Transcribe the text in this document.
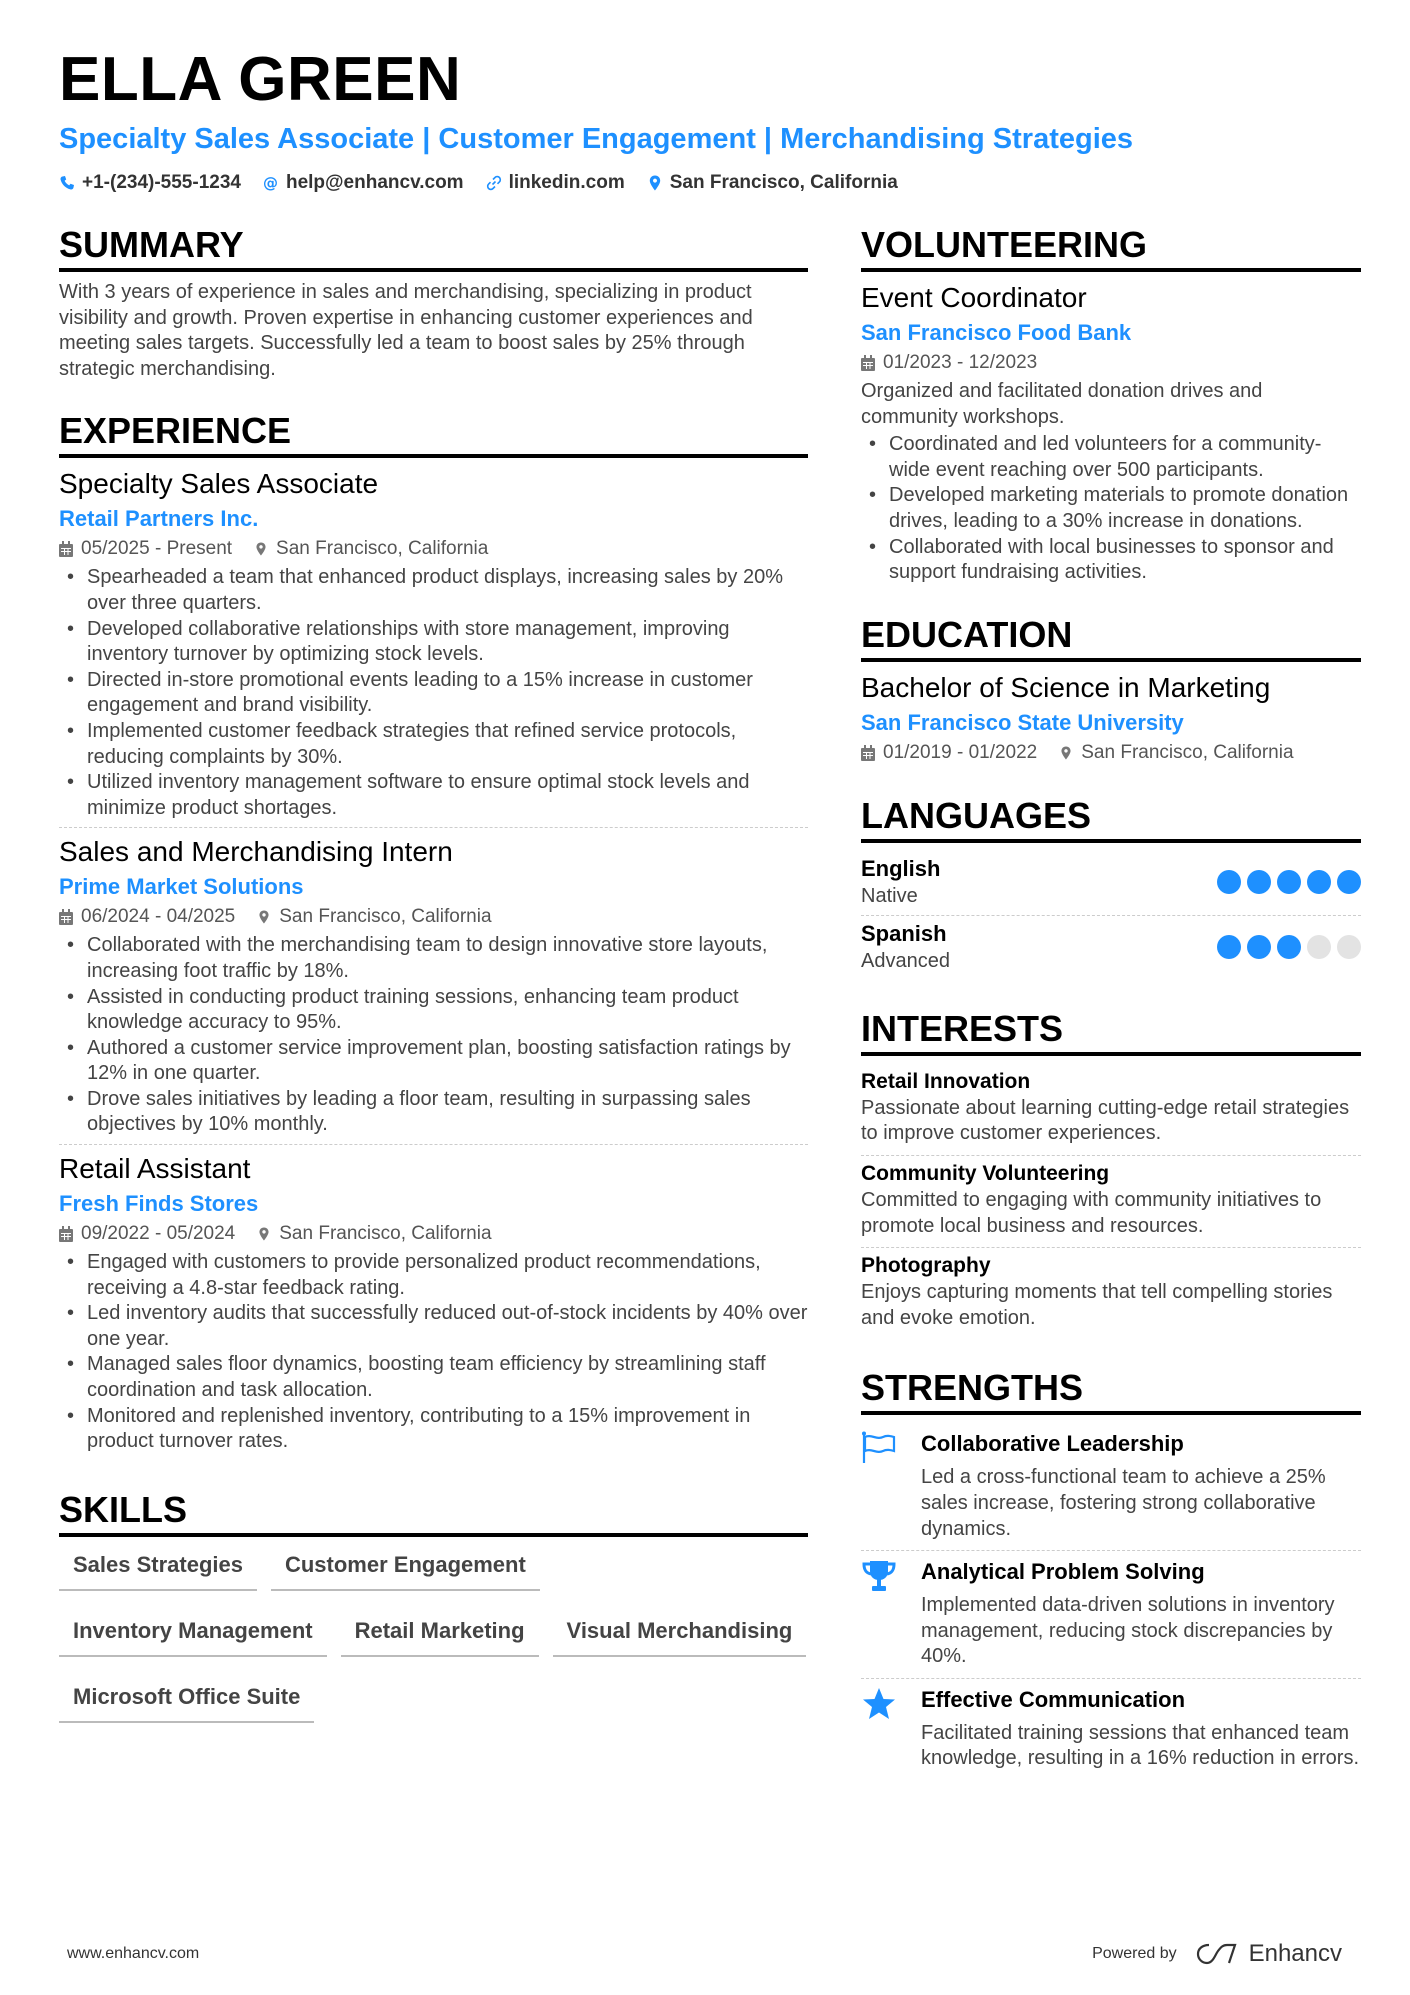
ELLA GREEN
Specialty Sales Associate | Customer Engagement | Merchandising Strategies
+1-(234)-555-1234 @ help@enhancv.com linkedin.com San Francisco, California
SUMMARY
With 3 years of experience in sales and merchandising, specializing in product visibility and growth. Proven expertise in enhancing customer experiences and meeting sales targets. Successfully led a team to boost sales by 25% through strategic merchandising.
EXPERIENCE
Specialty Sales Associate
Retail Partners Inc.
05/2025 - Present San Francisco, California
• Spearheaded a team that enhanced product displays, increasing sales by 20% over three quarters.
• Developed collaborative relationships with store management, improving inventory turnover by optimizing stock levels.
• Directed in-store promotional events leading to a 15% increase in customer engagement and brand visibility.
• Implemented customer feedback strategies that refined service protocols, reducing complaints by 30%.
• Utilized inventory management software to ensure optimal stock levels and minimize product shortages.
Sales and Merchandising Intern
Prime Market Solutions
06/2024 - 04/2025 San Francisco, California
• Collaborated with the merchandising team to design innovative store layouts, increasing foot traffic by 18%.
• Assisted in conducting product training sessions, enhancing team product knowledge accuracy to 95%.
• Authored a customer service improvement plan, boosting satisfaction ratings by 12% in one quarter.
• Drove sales initiatives by leading a floor team, resulting in surpassing sales objectives by 10% monthly.
Retail Assistant
Fresh Finds Stores
09/2022 - 05/2024 San Francisco, California
• Engaged with customers to provide personalized product recommendations, receiving a 4.8-star feedback rating.
• Led inventory audits that successfully reduced out-of-stock incidents by 40% over one year.
• Managed sales floor dynamics, boosting team efficiency by streamlining staff coordination and task allocation.
• Monitored and replenished inventory, contributing to a 15% improvement in product turnover rates.
SKILLS
Sales Strategies	Customer Engagement
Inventory Management	Retail Marketing	Visual Merchandising
Microsoft Office Suite
VOLUNTEERING
Event Coordinator
San Francisco Food Bank
01/2023 - 12/2023
Organized and facilitated donation drives and community workshops.
• Coordinated and led volunteers for a community-wide event reaching over 500 participants.
• Developed marketing materials to promote donation drives, leading to a 30% increase in donations.
• Collaborated with local businesses to sponsor and support fundraising activities.
EDUCATION
Bachelor of Science in Marketing
San Francisco State University
01/2019 - 01/2022 San Francisco, California
LANGUAGES
English
Native
Spanish
Advanced
INTERESTS
Retail Innovation
Passionate about learning cutting-edge retail strategies to improve customer experiences.
Community Volunteering
Committed to engaging with community initiatives to promote local business and resources.
Photography
Enjoys capturing moments that tell compelling stories and evoke emotion.
STRENGTHS
Collaborative Leadership
Led a cross-functional team to achieve a 25% sales increase, fostering strong collaborative dynamics.
Analytical Problem Solving
Implemented data-driven solutions in inventory management, reducing stock discrepancies by 40%.
Effective Communication
Facilitated training sessions that enhanced team knowledge, resulting in a 16% reduction in errors.
www.enhancv.com	Powered by	Enhancv
